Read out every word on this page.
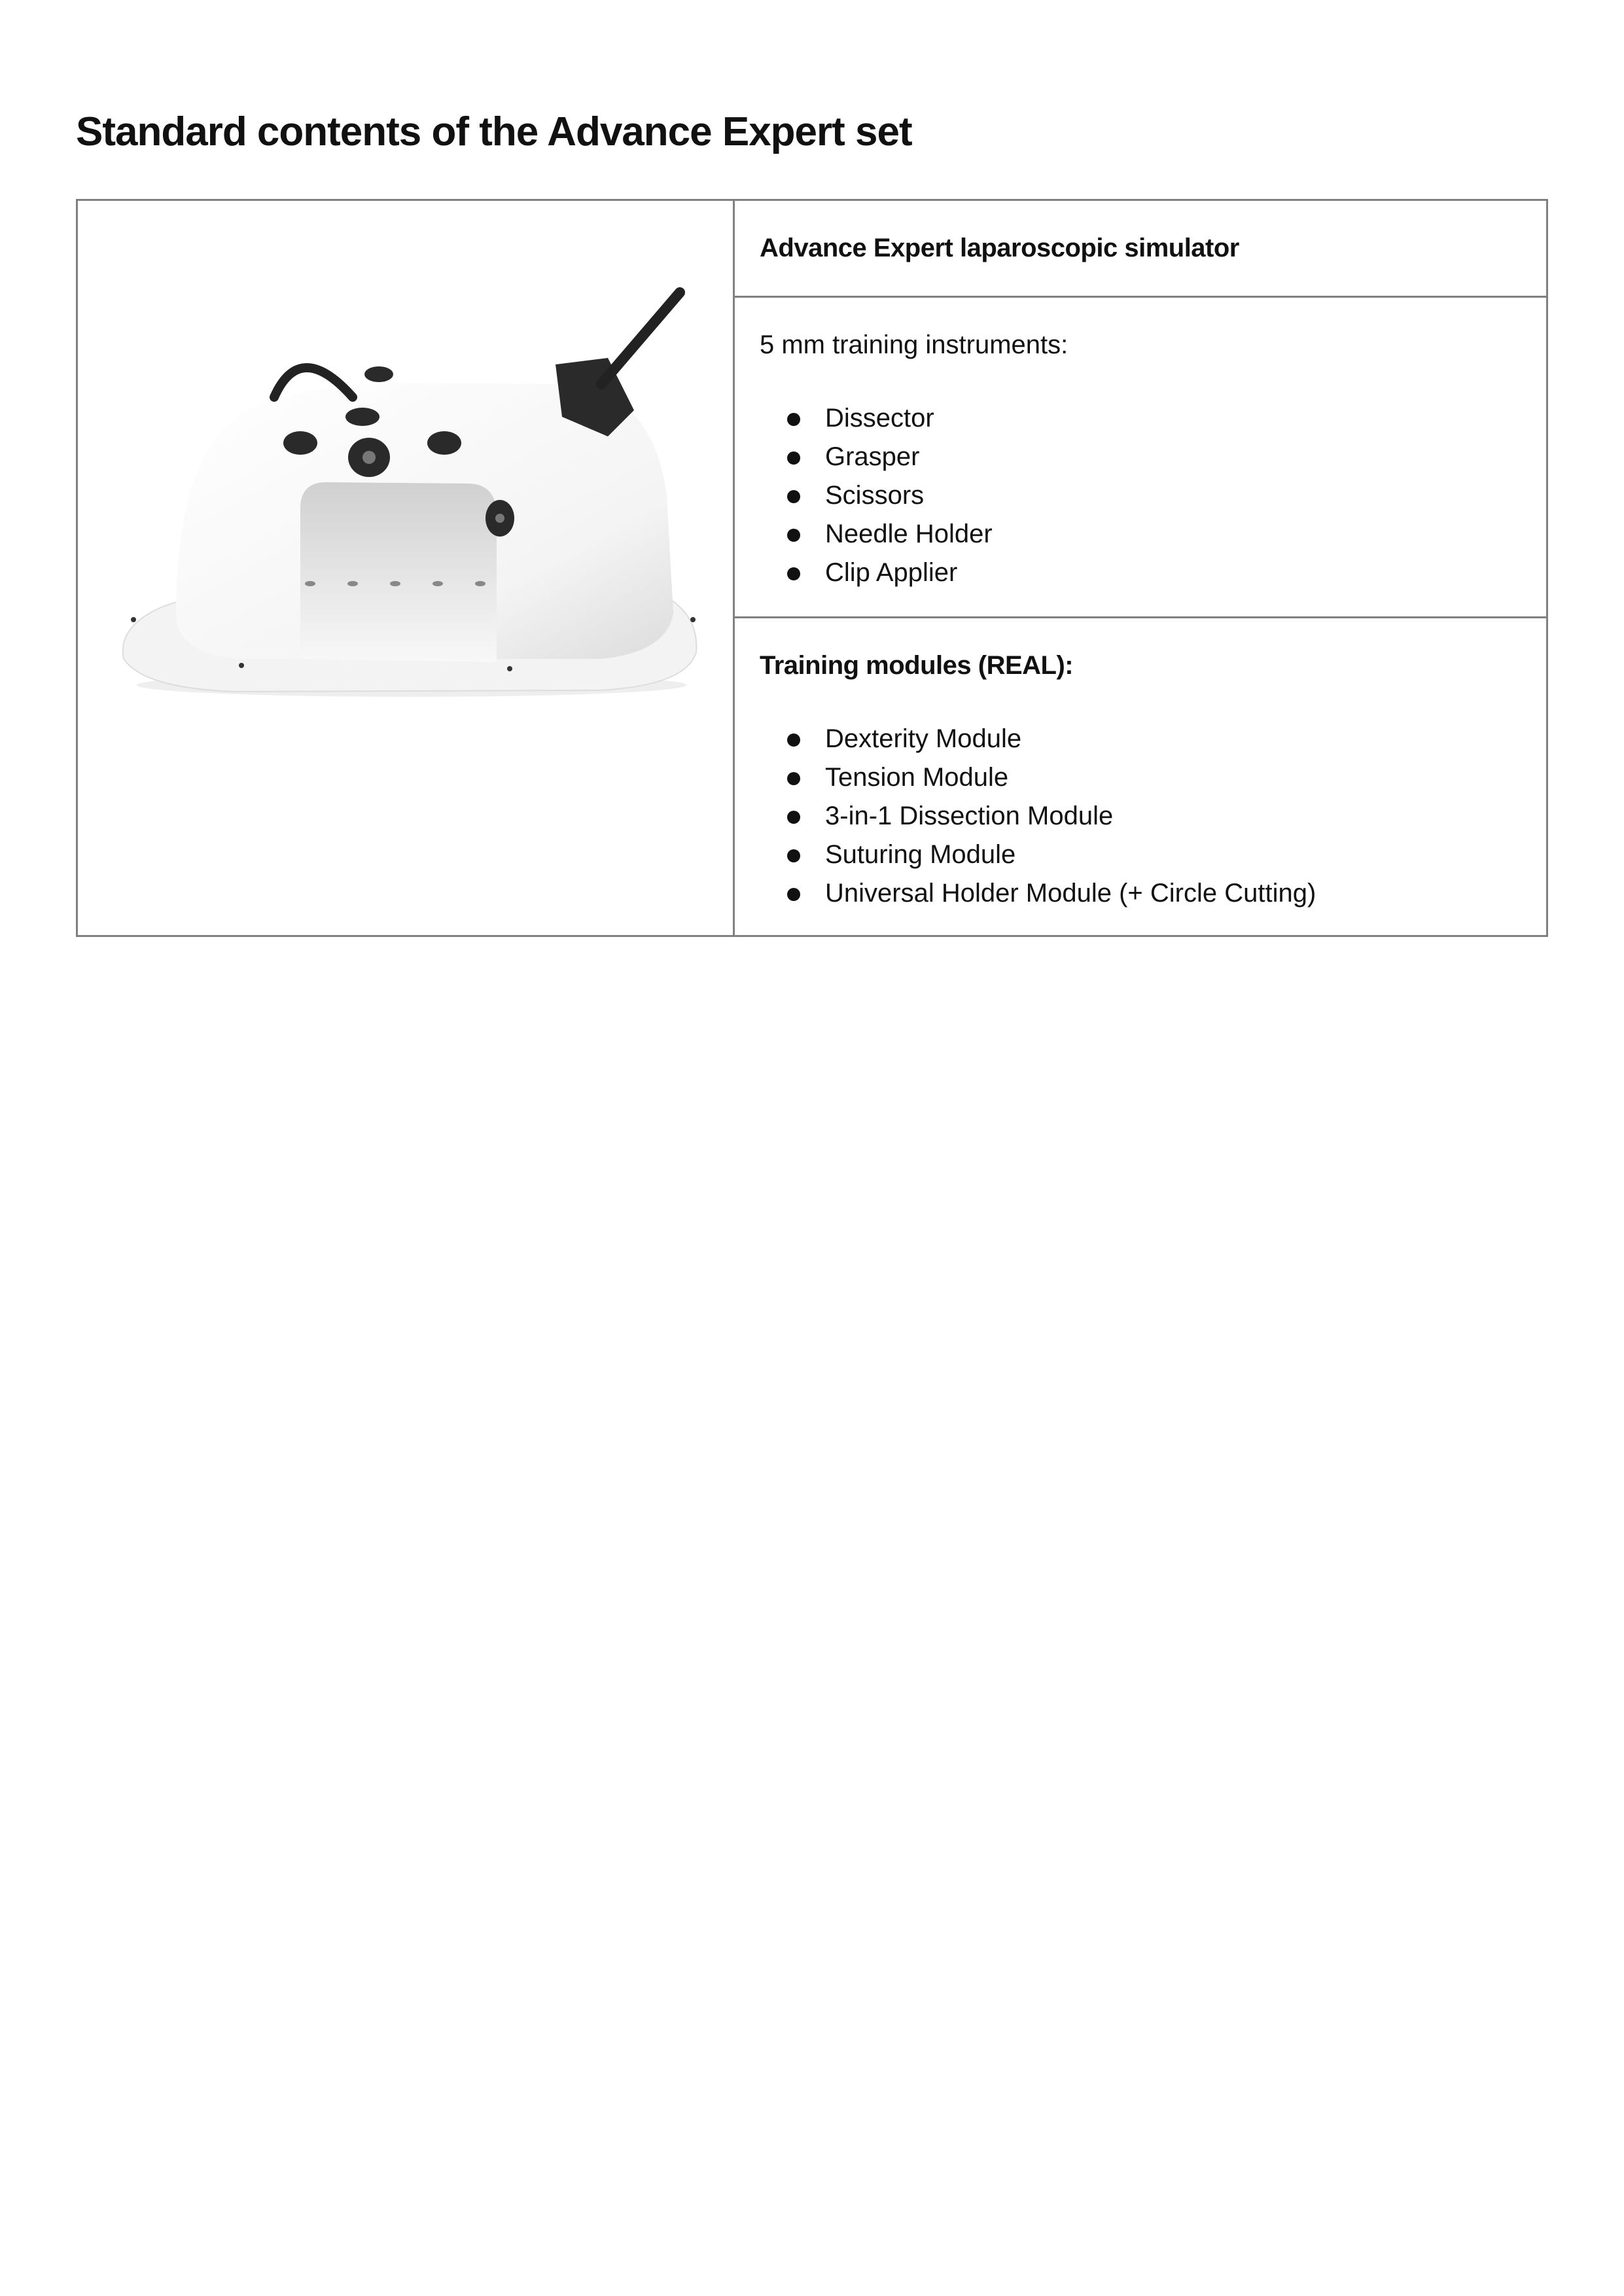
Standard contents of the Advance Expert set
Advance Expert laparoscopic simulator
5 mm training instruments:
Dissector
Grasper
Scissors
Needle Holder
Clip Applier
Training modules (REAL):
Dexterity Module
Tension Module
3-in-1 Dissection Module
Suturing Module
Universal Holder Module (+ Circle Cutting)
